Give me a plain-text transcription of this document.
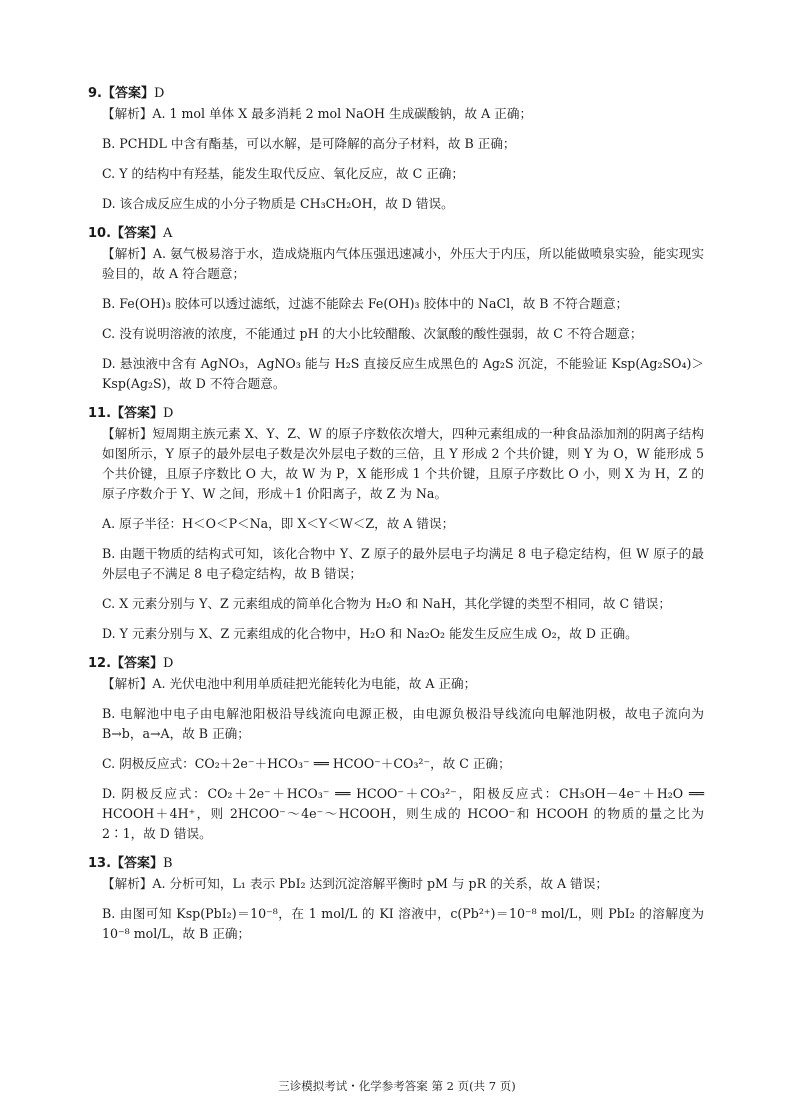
9.【答案】D

【解析】A. 1 mol 单体 X 最多消耗 2 mol NaOH 生成碳酸钠，故 A 正确；

B. PCHDL 中含有酯基，可以水解，是可降解的高分子材料，故 B 正确；

C. Y 的结构中有羟基，能发生取代反应、氧化反应，故 C 正确；

D. 该合成反应生成的小分子物质是 CH₃CH₂OH，故 D 错误。

10.【答案】A

【解析】A. 氨气极易溶于水，造成烧瓶内气体压强迅速减小，外压大于内压，所以能做喷泉实验，能实现实验目的，故 A 符合题意；

B. Fe(OH)₃ 胶体可以透过滤纸，过滤不能除去 Fe(OH)₃ 胶体中的 NaCl，故 B 不符合题意；

C. 没有说明溶液的浓度，不能通过 pH 的大小比较醋酸、次氯酸的酸性强弱，故 C 不符合题意；

D. 悬浊液中含有 AgNO₃，AgNO₃ 能与 H₂S 直接反应生成黑色的 Ag₂S 沉淀，不能验证 Ksp(Ag₂SO₄)＞Ksp(Ag₂S)，故 D 不符合题意。

11.【答案】D

【解析】短周期主族元素 X、Y、Z、W 的原子序数依次增大，四种元素组成的一种食品添加剂的阴离子结构如图所示，Y 原子的最外层电子数是次外层电子数的三倍，且 Y 形成 2 个共价键，则 Y 为 O，W 能形成 5 个共价键，且原子序数比 O 大，故 W 为 P，X 能形成 1 个共价键，且原子序数比 O 小，则 X 为 H，Z 的原子序数介于 Y、W 之间，形成＋1 价阳离子，故 Z 为 Na。

A. 原子半径：H＜O＜P＜Na，即 X＜Y＜W＜Z，故 A 错误；

B. 由题干物质的结构式可知，该化合物中 Y、Z 原子的最外层电子均满足 8 电子稳定结构，但 W 原子的最外层电子不满足 8 电子稳定结构，故 B 错误；

C. X 元素分别与 Y、Z 元素组成的简单化合物为 H₂O 和 NaH，其化学键的类型不相同，故 C 错误；

D. Y 元素分别与 X、Z 元素组成的化合物中，H₂O 和 Na₂O₂ 能发生反应生成 O₂，故 D 正确。

12.【答案】D

【解析】A. 光伏电池中利用单质硅把光能转化为电能，故 A 正确；

B. 电解池中电子由电解池阳极沿导线流向电源正极，由电源负极沿导线流向电解池阴极，故电子流向为 B→b，a→A，故 B 正确；

C. 阴极反应式：CO₂＋2e⁻＋HCO₃⁻ ══ HCOO⁻＋CO₃²⁻，故 C 正确；

D. 阴极反应式：CO₂＋2e⁻＋HCO₃⁻ ══ HCOO⁻＋CO₃²⁻，阳极反应式：CH₃OH－4e⁻＋H₂O ══ HCOOH＋4H⁺，则 2HCOO⁻～4e⁻～HCOOH，则生成的 HCOO⁻和 HCOOH 的物质的量之比为 2∶1，故 D 错误。

13.【答案】B

【解析】A. 分析可知，L₁ 表示 PbI₂ 达到沉淀溶解平衡时 pM 与 pR 的关系，故 A 错误；

B. 由图可知 Ksp(PbI₂)＝10⁻⁸，在 1 mol/L 的 KI 溶液中，c(Pb²⁺)＝10⁻⁸ mol/L，则 PbI₂ 的溶解度为 10⁻⁸ mol/L，故 B 正确；

三诊模拟考试・化学参考答案 第 2 页(共 7 页)
